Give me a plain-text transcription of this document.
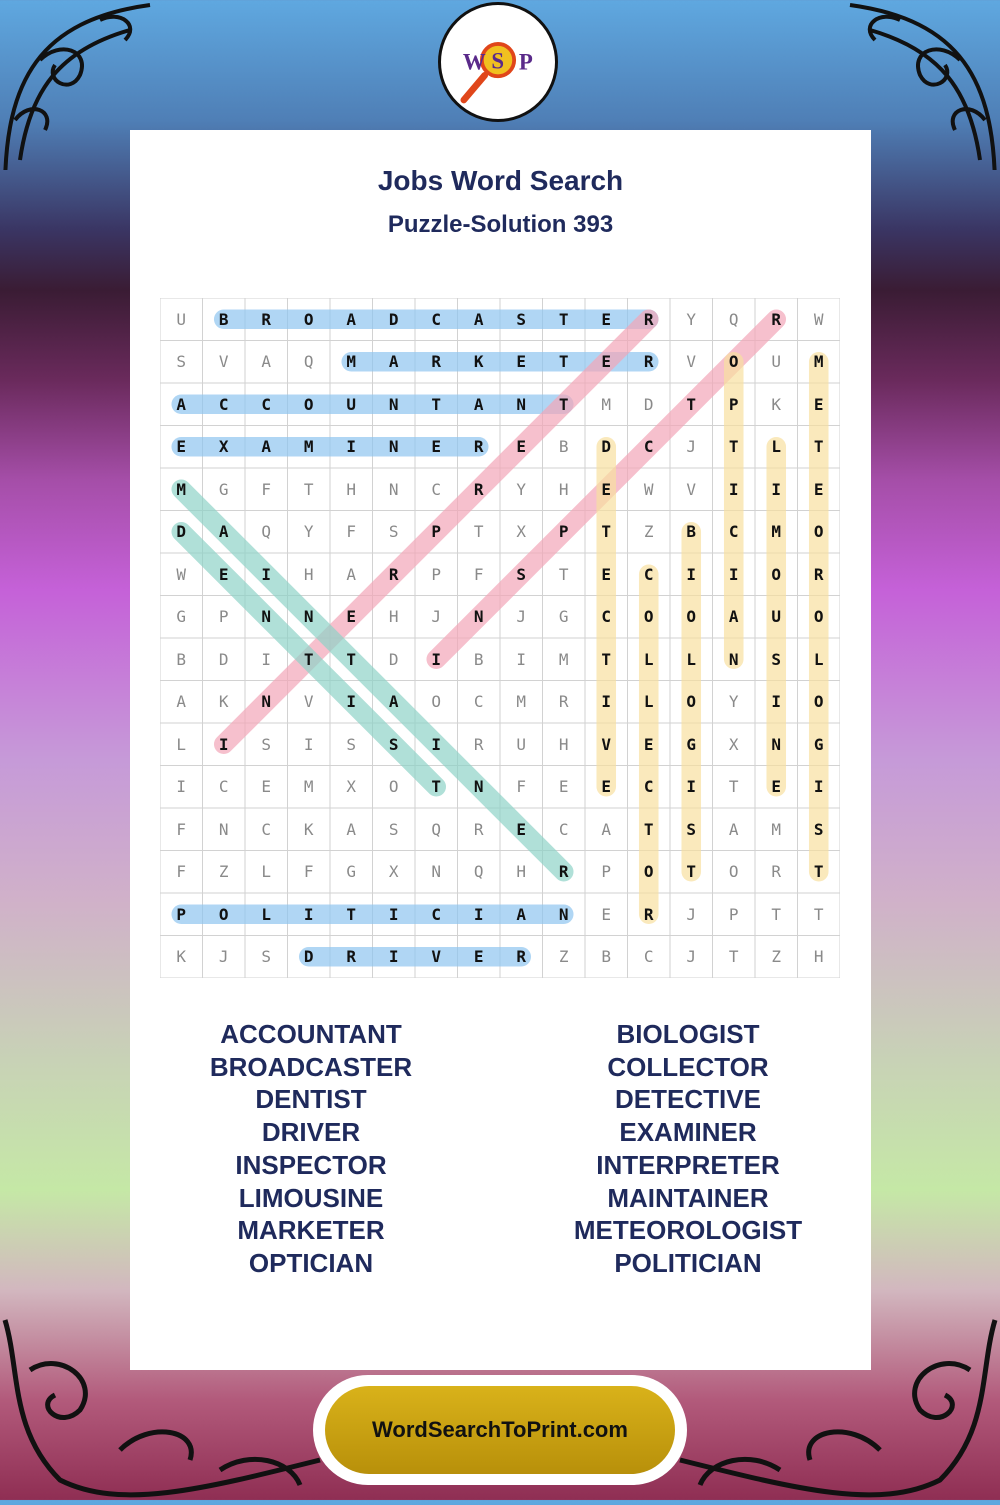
W S P
Jobs Word Search
Puzzle-Solution 393
U	B	R	O	A	D	C	A	S	T	E	R	Y	Q	R	W
S	V	A	Q	M	A	R	K	E	T	E	R	V	O	U	M
A	C	C	O	U	N	T	A	N	T	M	D	T	P	K	E
E	X	A	M	I	N	E	R	E	B	D	C	J	T	L	T
M	G	F	T	H	N	C	R	Y	H	E	W	V	I	I	E
D	A	Q	Y	F	S	P	T	X	P	T	Z	B	C	M	O
W	E	I	H	A	R	P	F	S	T	E	C	I	I	O	R
G	P	N	N	E	H	J	N	J	G	C	O	O	A	U	O
B	D	I	T	T	D	I	B	I	M	T	L	L	N	S	L
A	K	N	V	I	A	O	C	M	R	I	L	O	Y	I	O
L	I	S	I	S	S	I	R	U	H	V	E	G	X	N	G
I	C	E	M	X	O	T	N	F	E	E	C	I	T	E	I
F	N	C	K	A	S	Q	R	E	C	A	T	S	A	M	S
F	Z	L	F	G	X	N	Q	H	R	P	O	T	O	R	T
P	O	L	I	T	I	C	I	A	N	E	R	J	P	T	T
K	J	S	D	R	I	V	E	R	Z	B	C	J	T	Z	H
ACCOUNTANT
BROADCASTER
DENTIST
DRIVER
INSPECTOR
LIMOUSINE
MARKETER
OPTICIAN
BIOLOGIST
COLLECTOR
DETECTIVE
EXAMINER
INTERPRETER
MAINTAINER
METEOROLOGIST
POLITICIAN
WordSearchToPrint.com
